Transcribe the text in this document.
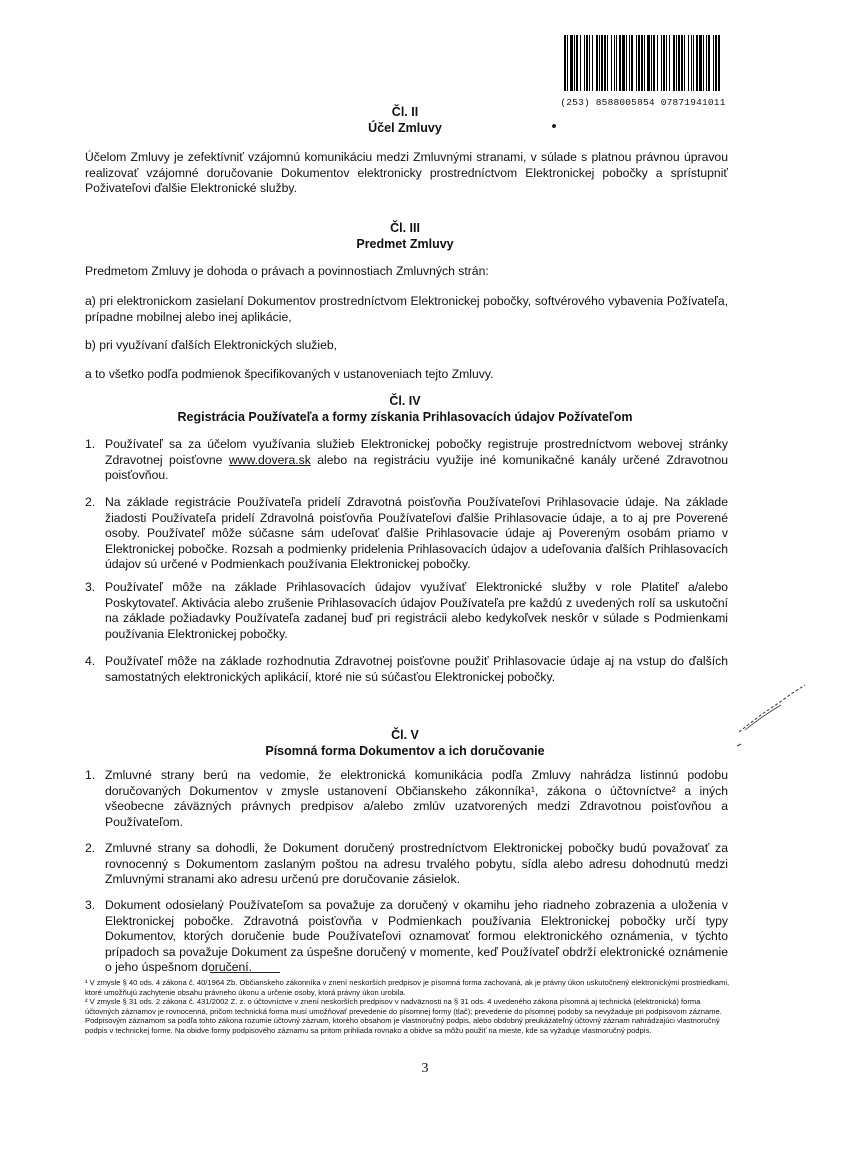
(253) 8588005854 07871941011
Čl. II
Účel Zmluvy
Účelom Zmluvy je zefektívniť vzájomnú komunikáciu medzi Zmluvnými stranami, v súlade s platnou právnou úpravou realizovať vzájomné doručovanie Dokumentov elektronicky prostredníctvom Elektronickej pobočky a sprístupniť Poživateľovi ďalšie Elektronické služby.
Čl. III
Predmet Zmluvy
Predmetom Zmluvy je dohoda o právach a povinnostiach Zmluvných strán:
a) pri elektronickom zasielaní Dokumentov prostredníctvom Elektronickej pobočky, softvérového vybavenia Požívateľa, prípadne mobilnej alebo inej aplikácie,
b) pri využívaní ďalších Elektronických služieb,
a to všetko podľa podmienok špecifikovaných v ustanoveniach tejto Zmluvy.
Čl. IV
Registrácia Používateľa a formy získania Prihlasovacích údajov Požívateľom
1. Používateľ sa za účelom využívania služieb Elektronickej pobočky registruje prostredníctvom webovej stránky Zdravotnej poisťovne www.dovera.sk alebo na registráciu využije iné komunikačné kanály určené Zdravotnou poisťovňou.
2. Na základe registrácie Používateľa pridelí Zdravotná poisťovňa Používateľovi Prihlasovacie údaje. Na základe žiadosti Používateľa pridelí Zdravolná poisťovňa Používateľovi ďalšie Prihlasovacie údaje, a to aj pre Poverené osoby. Používateľ môže súčasne sám udeľovať ďalšie Prihlasovacie údaje aj Povereným osobám priamo v Elektronickej pobočke. Rozsah a podmienky pridelenia Prihlasovacích údajov a udeľovania ďalších Prihlasovacích údajov sú určené v Podmienkach používania Elektronickej pobočky.
3. Používateľ môže na základe Prihlasovacích údajov využívať Elektronické služby v role Platiteľ a/alebo Poskytovateľ. Aktivácia alebo zrušenie Prihlasovacích údajov Používateľa pre každú z uvedených rolí sa uskutoční na základe požiadavky Používateľa zadanej buď pri registrácii alebo kedykoľvek neskôr v súlade s Podmienkami používania Elektronickej pobočky.
4. Používateľ môže na základe rozhodnutia Zdravotnej poisťovne použiť Prihlasovacie údaje aj na vstup do ďalších samostatných elektronických aplikácií, ktoré nie sú súčasťou Elektronickej pobočky.
Čl. V
Písomná forma Dokumentov a ich doručovanie
1. Zmluvné strany berú na vedomie, že elektronická komunikácia podľa Zmluvy nahrádza listinnú podobu doručovaných Dokumentov v zmysle ustanovení Občianskeho zákonníka¹, zákona o účtovníctve² a iných všeobecne záväzných právnych predpisov a/alebo zmlúv uzatvorených medzi Zdravotnou poisťovňou a Používateľom.
2. Zmluvné strany sa dohodli, že Dokument doručený prostredníctvom Elektronickej pobočky budú považovať za rovnocenný s Dokumentom zaslaným poštou na adresu trvalého pobytu, sídla alebo adresu dohodnutú medzi Zmluvnými stranami ako adresu určenú pre doručovanie zásielok.
3. Dokument odosielaný Používateľom sa považuje za doručený v okamihu jeho riadneho zobrazenia a uloženia v Elektronickej pobočke. Zdravotná poisťovňa v Podmienkach používania Elektronickej pobočky určí typy Dokumentov, ktorých doručenie bude Používateľovi oznamovať formou elektronického oznámenia, v týchto prípadoch sa považuje Dokument za úspešne doručený v momente, keď Používateľ obdrží elektronické oznámenie o jeho úspešnom doručení.

¹ V zmysle § 40 ods. 4 zákona č. 40/1964 Zb. Občianskeho zákonníka v znení neskorších predpisov je písomná forma zachovaná, ak je právny úkon uskutočnený elektronickými prostriedkami, ktoré umožňujú zachytenie obsahu právneho úkonu a určenie osoby, ktorá právny úkon urobila.

² V zmysle § 31 ods. 2 zákona č. 431/2002 Z. z. o účtovníctve v znení neskorších predpisov v nadväznosti na § 31 ods. 4 uvedeného zákona písomná aj technická (elektronická) forma účtovných záznamov je rovnocenná, pričom technická forma musí umožňovať prevedenie do písomnej formy (tlač); prevedenie do písomnej podoby sa nevyžaduje pri podpisovom zázname. Podpisovým záznamom sa podľa tohto zákona rozumie účtovný záznam, ktorého obsahom je vlastnoručný podpis, alebo obdobný preukázateľný účtovný záznam nahrádzajúci vlastnoručný podpis v technickej forme. Na obidve formy podpisového záznamu sa pritom prihliada rovnako a obidve sa môžu použiť na mieste, kde sa vyžaduje vlastnoručný podpis.

3
